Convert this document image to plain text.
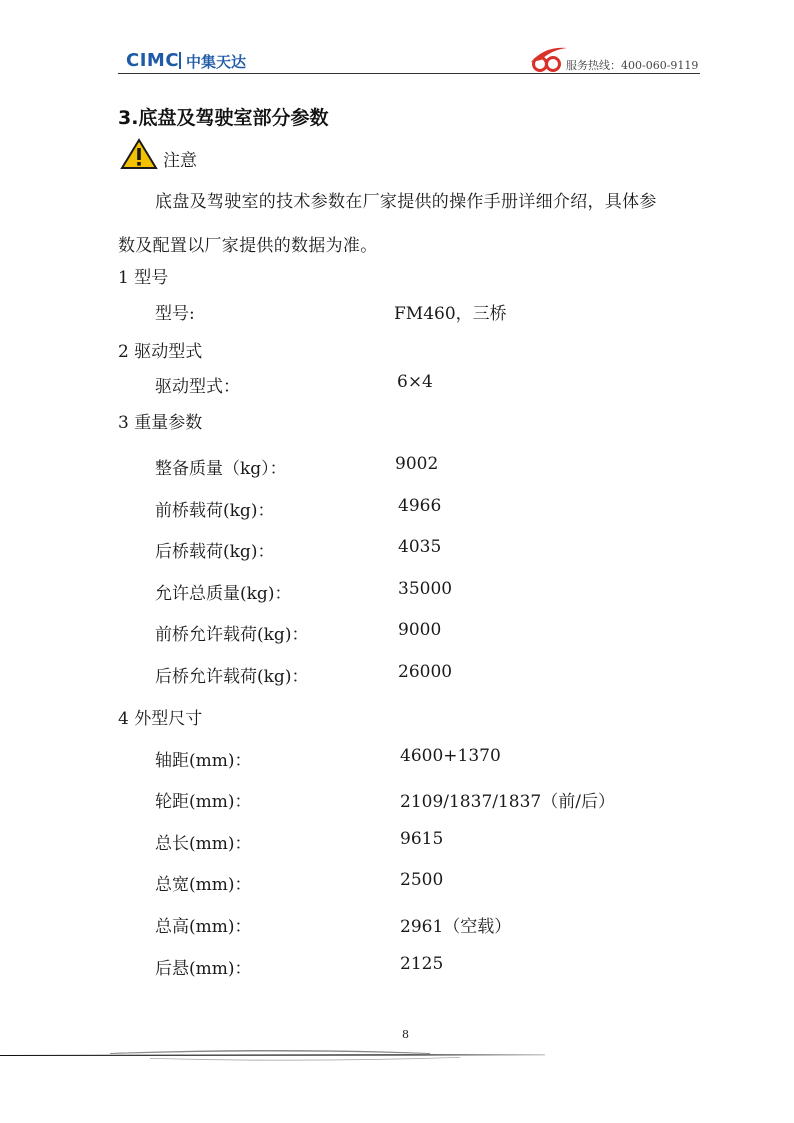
CIMC 中集天达	服务热线：400-060-9119
3.底盘及驾驶室部分参数
注意
底盘及驾驶室的技术参数在厂家提供的操作手册详细介绍，具体参
数及配置以厂家提供的数据为准。
1 型号
型号:	FM460，三桥
2 驱动型式
驱动型式：	6×4
3 重量参数
整备质量（kg）：	9002
前桥载荷(kg)：	4966
后桥载荷(kg)：	4035
允许总质量(kg)：	35000
前桥允许载荷(kg)：	9000
后桥允许载荷(kg)：	26000
4 外型尺寸
轴距(mm)：	4600+1370
轮距(mm)：	2109/1837/1837（前/后）
总长(mm)：	9615
总宽(mm)：	2500
总高(mm)：	2961（空载）
后悬(mm)：	2125
8
